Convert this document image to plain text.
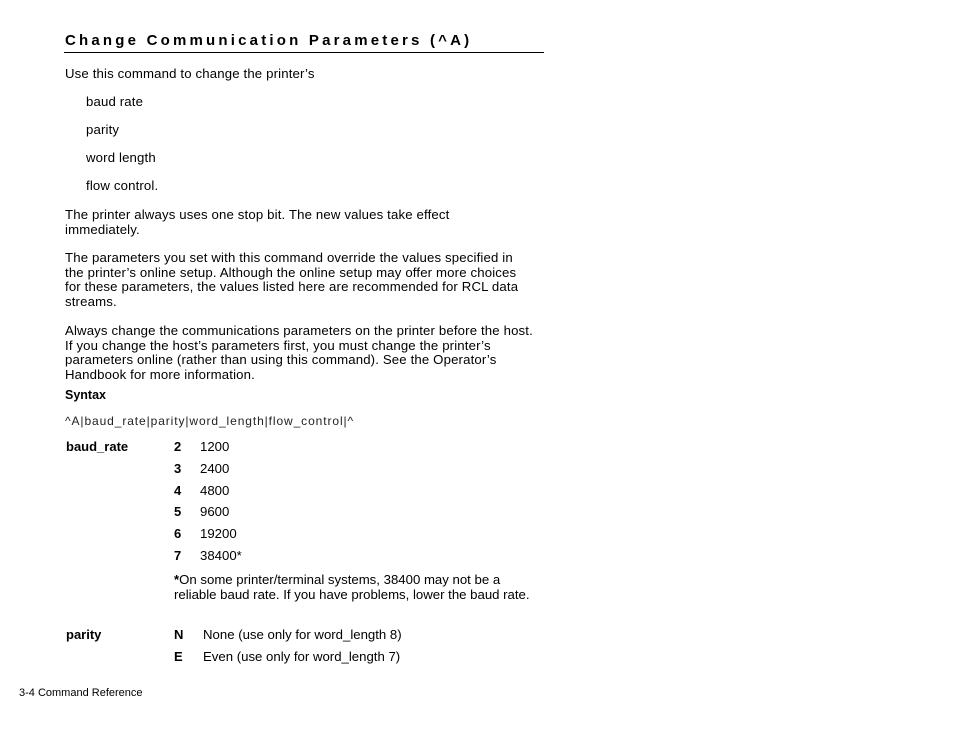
Change Communication Parameters (^A)
Use this command to change the printer’s
baud rate
parity
word length
flow control.
The printer always uses one stop bit. The new values take effect immediately.
The parameters you set with this command override the values specified in the printer’s online setup. Although the online setup may offer more choices for these parameters, the values listed here are recommended for RCL data streams.
Always change the communications parameters on the printer before the host. If you change the host’s parameters first, you must change the printer’s parameters online (rather than using this command). See the Operator’s Handbook for more information.
Syntax
^A|baud_rate|parity|word_length|flow_control|^
baud_rate	2 1200
3 2400
4 4800
5 9600
6 19200
7 38400*
*On some printer/terminal systems, 38400 may not be a reliable baud rate. If you have problems, lower the baud rate.
parity	N None (use only for word_length 8)
E Even (use only for word_length 7)
3-4 Command Reference
